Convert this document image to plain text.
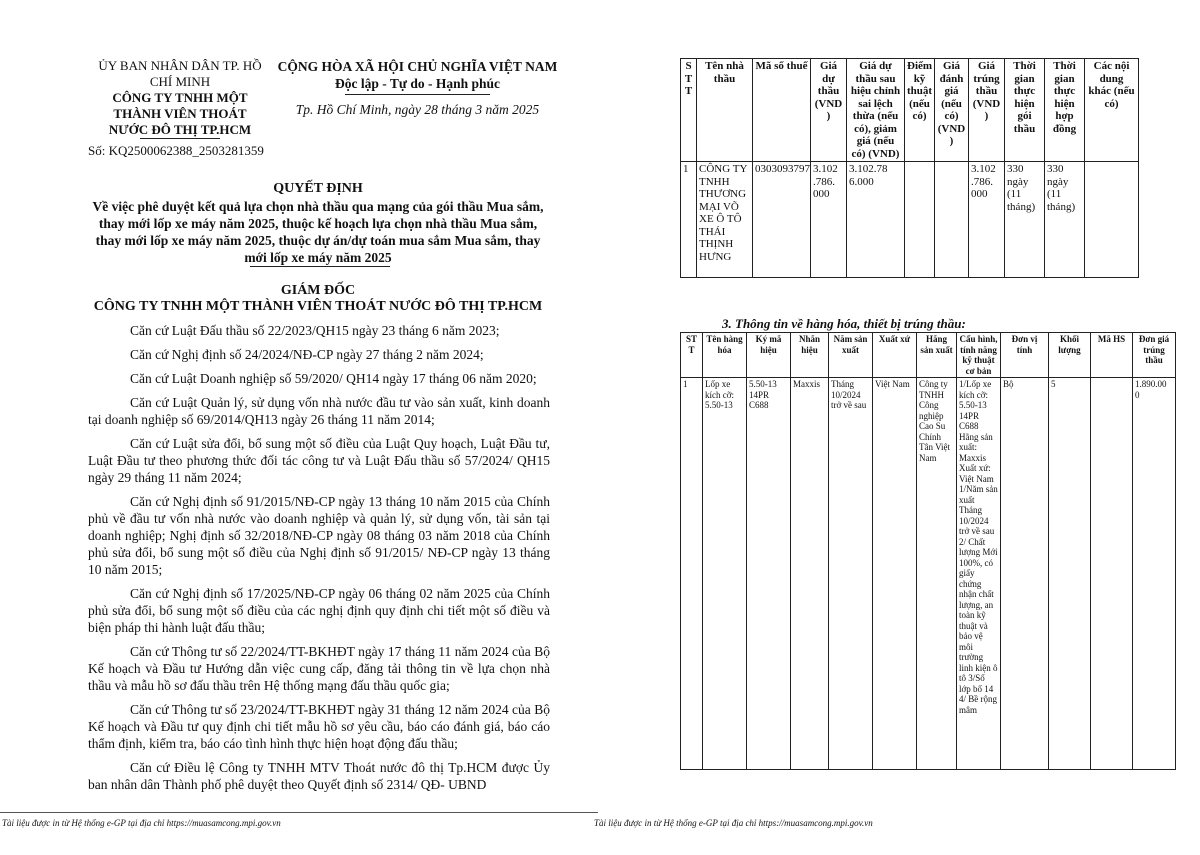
ỦY BAN NHÂN DÂN TP. HỒ
CHÍ MINH
CÔNG TY TNHH MỘT
THÀNH VIÊN THOÁT
NƯỚC ĐÔ THỊ TP.HCM
CỘNG HÒA XÃ HỘI CHỦ NGHĨA VIỆT NAM
Độc lập - Tự do - Hạnh phúc
Tp. Hồ Chí Minh, ngày 28 tháng 3 năm 2025
Số: KQ2500062388_2503281359
QUYẾT ĐỊNH
Về việc phê duyệt kết quả lựa chọn nhà thầu qua mạng của gói thầu Mua sắm, thay mới lốp xe máy năm 2025, thuộc kế hoạch lựa chọn nhà thầu Mua sắm, thay mới lốp xe máy năm 2025, thuộc dự án/dự toán mua sắm Mua sắm, thay mới lốp xe máy năm 2025
GIÁM ĐỐC
CÔNG TY TNHH MỘT THÀNH VIÊN THOÁT NƯỚC ĐÔ THỊ TP.HCM

Căn cứ Luật Đấu thầu số 22/2023/QH15 ngày 23 tháng 6 năm 2023;

Căn cứ Nghị định số 24/2024/NĐ-CP ngày 27 tháng 2 năm 2024;

Căn cứ Luật Doanh nghiệp số 59/2020/ QH14 ngày 17 tháng 06 năm 2020;

Căn cứ Luật Quản lý, sử dụng vốn nhà nước đầu tư vào sản xuất, kinh doanh tại doanh nghiệp số 69/2014/QH13 ngày 26 tháng 11 năm 2014;

Căn cứ Luật sửa đổi, bổ sung một số điều của Luật Quy hoạch, Luật Đầu tư, Luật Đầu tư theo phương thức đối tác công tư và Luật Đấu thầu số 57/2024/ QH15 ngày 29 tháng 11 năm 2024;

Căn cứ Nghị định số 91/2015/NĐ-CP ngày 13 tháng 10 năm 2015 của Chính phủ về đầu tư vốn nhà nước vào doanh nghiệp và quản lý, sử dụng vốn, tài sản tại doanh nghiệp; Nghị định số 32/2018/NĐ-CP ngày 08 tháng 03 năm 2018 của Chính phủ sửa đổi, bổ sung một số điều của Nghị định số 91/2015/ NĐ-CP ngày 13 tháng 10 năm 2015;

Căn cứ Nghị định số 17/2025/NĐ-CP ngày 06 tháng 02 năm 2025 của Chính phủ sửa đổi, bổ sung một số điều của các nghị định quy định chi tiết một số điều và biện pháp thi hành luật đấu thầu;

Căn cứ Thông tư số 22/2024/TT-BKHĐT ngày 17 tháng 11 năm 2024 của Bộ Kế hoạch và Đầu tư Hướng dẫn việc cung cấp, đăng tải thông tin về lựa chọn nhà thầu và mẫu hồ sơ đấu thầu trên Hệ thống mạng đấu thầu quốc gia;

Căn cứ Thông tư số 23/2024/TT-BKHĐT ngày 31 tháng 12 năm 2024 của Bộ Kế hoạch và Đầu tư quy định chi tiết mẫu hồ sơ yêu cầu, báo cáo đánh giá, báo cáo thẩm định, kiểm tra, báo cáo tình hình thực hiện hoạt động đấu thầu;

Căn cứ Điều lệ Công ty TNHH MTV Thoát nước đô thị Tp.HCM được Ủy ban nhân dân Thành phố phê duyệt theo Quyết định số 2314/ QĐ- UBND

Tài liệu được in từ Hệ thống e-GP tại địa chỉ https://muasamcong.mpi.gov.vn
S T T	Tên nhà thầu	Mã số thuế	Giá dự thầu (VND )	Giá dự thầu sau hiệu chỉnh sai lệch thừa (nếu có), giảm giá (nếu có) (VND)	Điểm kỹ thuật (nếu có)	Giá đánh giá (nếu có) (VND )	Giá trúng thầu (VND )	Thời gian thực hiện gói thầu	Thời gian thực hiện hợp đồng	Các nội dung khác (nếu có)
1	CÔNG TY TNHH THƯƠNG MẠI VÕ XE Ô TÔ THÁI THỊNH HƯNG	0303093797	3.102 .786. 000	3.102.78 6.000			3.102 .786. 000	330 ngày (11 tháng)	330 ngày (11 tháng)	
3. Thông tin về hàng hóa, thiết bị trúng thầu:
ST T	Tên hàng hóa	Ký mã hiệu	Nhãn hiệu	Năm sản xuất	Xuất xứ	Hãng sản xuất	Cấu hình, tính năng kỹ thuật cơ bản	Đơn vị tính	Khối lượng	Mã HS	Đơn giá trúng thầu
1	Lốp xe kích cỡ: 5.50-13	5.50-13 14PR C688	Maxxis	Tháng 10/2024 trở về sau	Việt Nam	Công ty TNHH Công nghiệp Cao Su Chính Tân Việt Nam	1/Lốp xe kích cỡ: 5.50-13 14PR C688 Hãng sản xuất: Maxxis Xuất xứ: Việt Nam 1/Năm sản xuất Tháng 10/2024 trở về sau 2/ Chất lượng Mới 100%, có giấy chứng nhận chất lượng, an toàn kỹ thuật và bảo vệ môi trường linh kiện ô tô 3/Số lớp bố 14 4/ Bề rộng mâm	Bộ	5		1.890.00 0
Tài liệu được in từ Hệ thống e-GP tại địa chỉ https://muasamcong.mpi.gov.vn
